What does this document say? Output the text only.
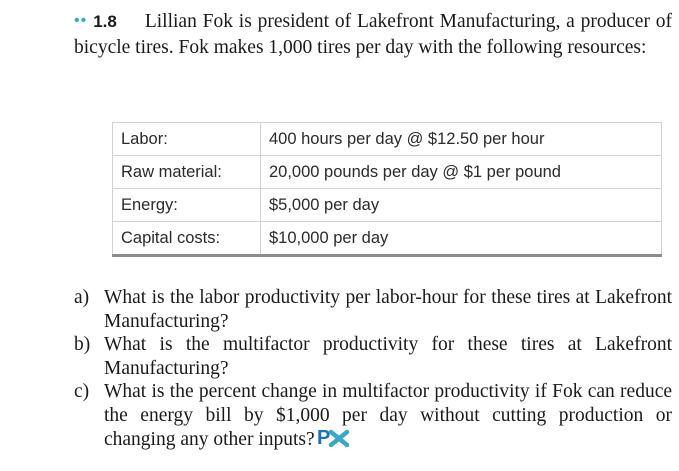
•• 1.8 Lillian Fok is president of Lakefront Manufacturing, a producer of bicycle tires. Fok makes 1,000 tires per day with the following resources:
Labor:	400 hours per day @ $12.50 per hour
Raw material:	20,000 pounds per day @ $1 per pound
Energy:	$5,000 per day
Capital costs:	$10,000 per day
a) What is the labor productivity per labor-hour for these tires at Lakefront Manufacturing?
b) What is the multifactor productivity for these tires at Lakefront Manufacturing?
c) What is the percent change in multifactor productivity if Fok can reduce the energy bill by $1,000 per day without cutting production or changing any other inputs? P
